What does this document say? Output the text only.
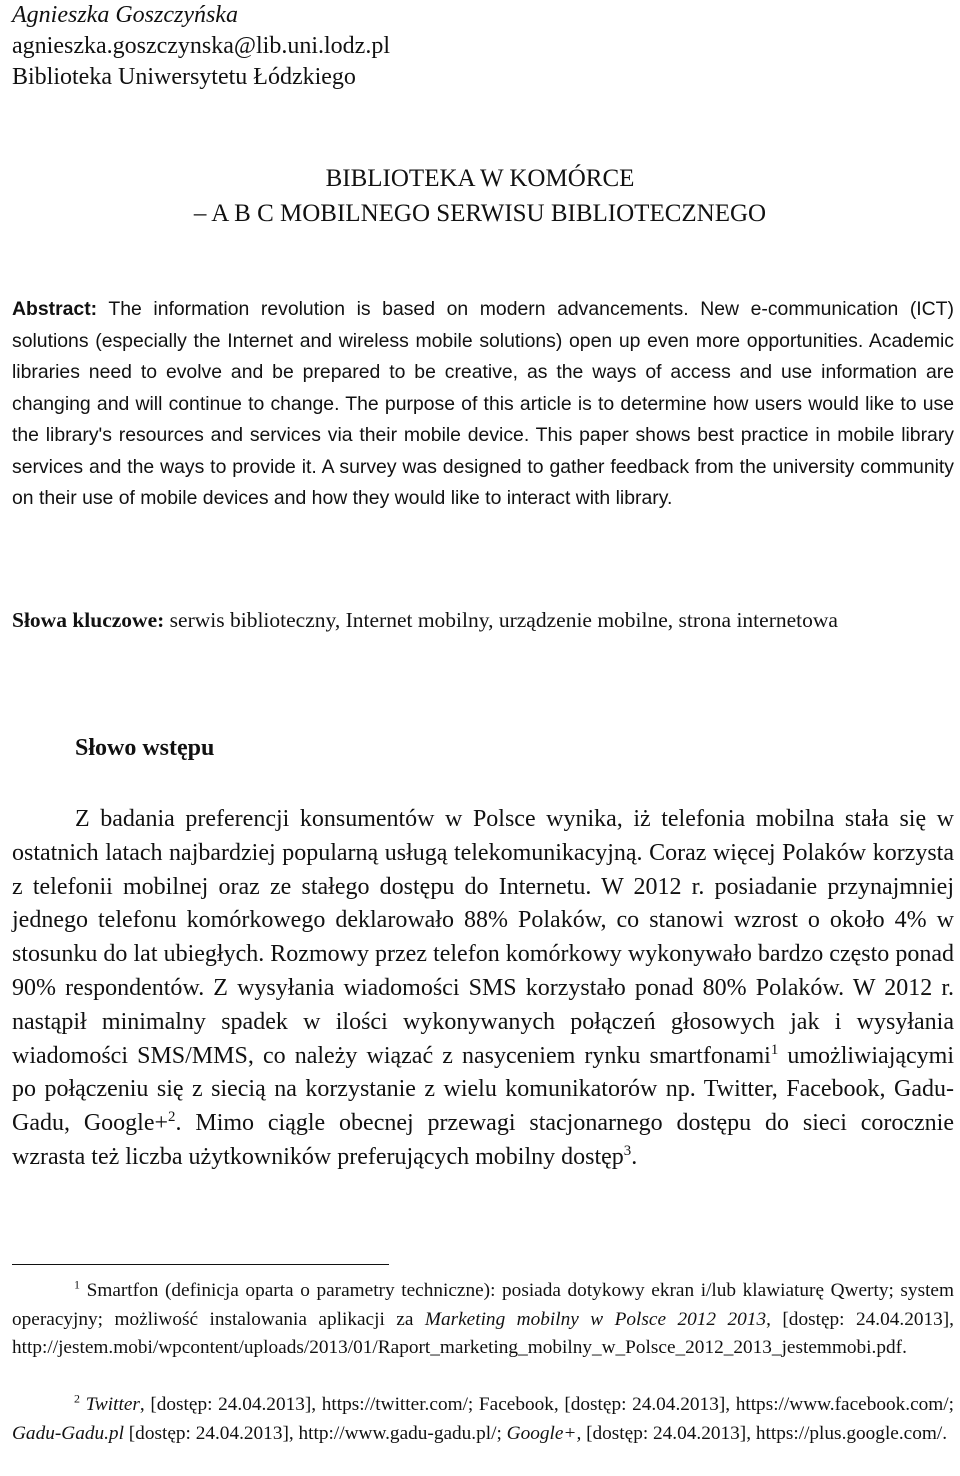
Agnieszka Goszczyńska
agnieszka.goszczynska@lib.uni.lodz.pl
Biblioteka Uniwersytetu Łódzkiego
BIBLIOTEKA W KOMÓRCE
– A B C MOBILNEGO SERWISU BIBLIOTECZNEGO

Abstract: The information revolution is based on modern advancements. New e-communication (ICT) solutions (especially the Internet and wireless mobile solutions) open up even more opportunities. Academic libraries need to evolve and be prepared to be creative, as the ways of access and use information are changing and will continue to change. The purpose of this article is to determine how users would like to use the library's resources and services via their mobile device. This paper shows best practice in mobile library services and the ways to provide it. A survey was designed to gather feedback from the university community on their use of mobile devices and how they would like to interact with library.

Słowa kluczowe: serwis biblioteczny, Internet mobilny, urządzenie mobilne, strona internetowa

Słowo wstępu

Z badania preferencji konsumentów w Polsce wynika, iż telefonia mobilna stała się w ostatnich latach najbardziej popularną usługą telekomunikacyjną. Coraz więcej Polaków korzysta z telefonii mobilnej oraz ze stałego dostępu do Internetu. W 2012 r. posiadanie przynajmniej jednego telefonu komórkowego deklarowało 88% Polaków, co stanowi wzrost o około 4% w stosunku do lat ubiegłych. Rozmowy przez telefon komórkowy wykonywało bardzo często ponad 90% respondentów. Z wysyłania wiadomości SMS korzystało ponad 80% Polaków. W 2012 r. nastąpił minimalny spadek w ilości wykonywanych połączeń głosowych jak i wysyłania wiadomości SMS/MMS, co należy wiązać z nasyceniem rynku smartfonami$^1$ umożliwiającymi po połączeniu się z siecią na korzystanie z wielu komunikatorów np. Twitter, Facebook, Gadu-Gadu, Google+$^2$. Mimo ciągle obecnej przewagi stacjonarnego dostępu do sieci corocznie wzrasta też liczba użytkowników preferujących mobilny dostęp$^3$.

$^1$ Smartfon (definicja oparta o parametry techniczne): posiada dotykowy ekran i/lub klawiaturę Qwerty; system operacyjny; możliwość instalowania aplikacji za Marketing mobilny w Polsce 2012 2013, [dostęp: 24.04.2013], http://jestem.mobi/wpcontent/uploads/2013/01/Raport_marketing_mobilny_w_Polsce_2012_2013_jestemmobi.pdf.

$^2$ Twitter, [dostęp: 24.04.2013], https://twitter.com/; Facebook, [dostęp: 24.04.2013], https://www.facebook.com/; Gadu-Gadu.pl [dostęp: 24.04.2013], http://www.gadu-gadu.pl/; Google+, [dostęp: 24.04.2013], https://plus.google.com/.
